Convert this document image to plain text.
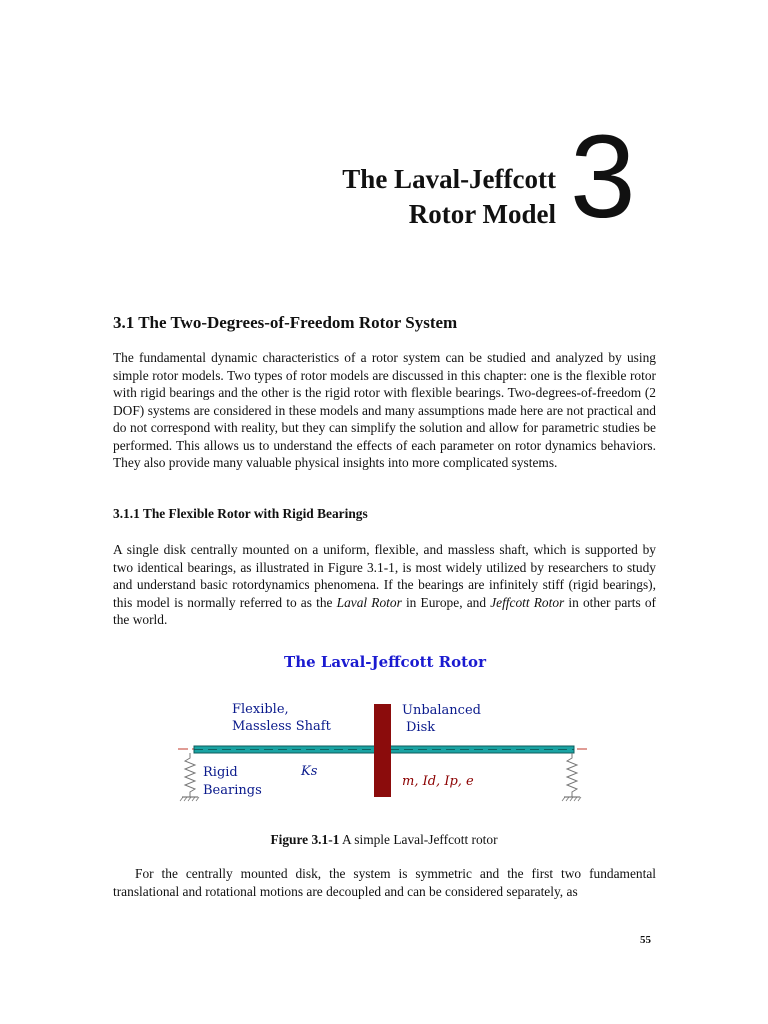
The Laval-Jeffcott
Rotor Model 3
3.1 The Two-Degrees-of-Freedom Rotor System

The fundamental dynamic characteristics of a rotor system can be studied and analyzed by using simple rotor models. Two types of rotor models are discussed in this chapter: one is the flexible rotor with rigid bearings and the other is the rigid rotor with flexible bearings. Two-degrees-of-freedom (2 DOF) systems are considered in these models and many assumptions made here are not practical and do not correspond with reality, but they can simplify the solution and allow for parametric studies be performed. This allows us to understand the effects of each parameter on rotor dynamics behaviors. They also provide many valuable physical insights into more complicated systems.

3.1.1 The Flexible Rotor with Rigid Bearings

A single disk centrally mounted on a uniform, flexible, and massless shaft, which is supported by two identical bearings, as illustrated in Figure 3.1-1, is most widely utilized by researchers to study and understand basic rotordynamics phenomena. If the bearings are infinitely stiff (rigid bearings), this model is normally referred to as the Laval Rotor in Europe, and Jeffcott Rotor in other parts of the world.

The Laval-Jeffcott Rotor
Flexible,
Massless Shaft
Unbalanced
Disk
Rigid
Bearings
Ks
m, Id, Ip, e

Figure 3.1-1 A simple Laval-Jeffcott rotor

For the centrally mounted disk, the system is symmetric and the first two fundamental translational and rotational motions are decoupled and can be considered separately, as

55
